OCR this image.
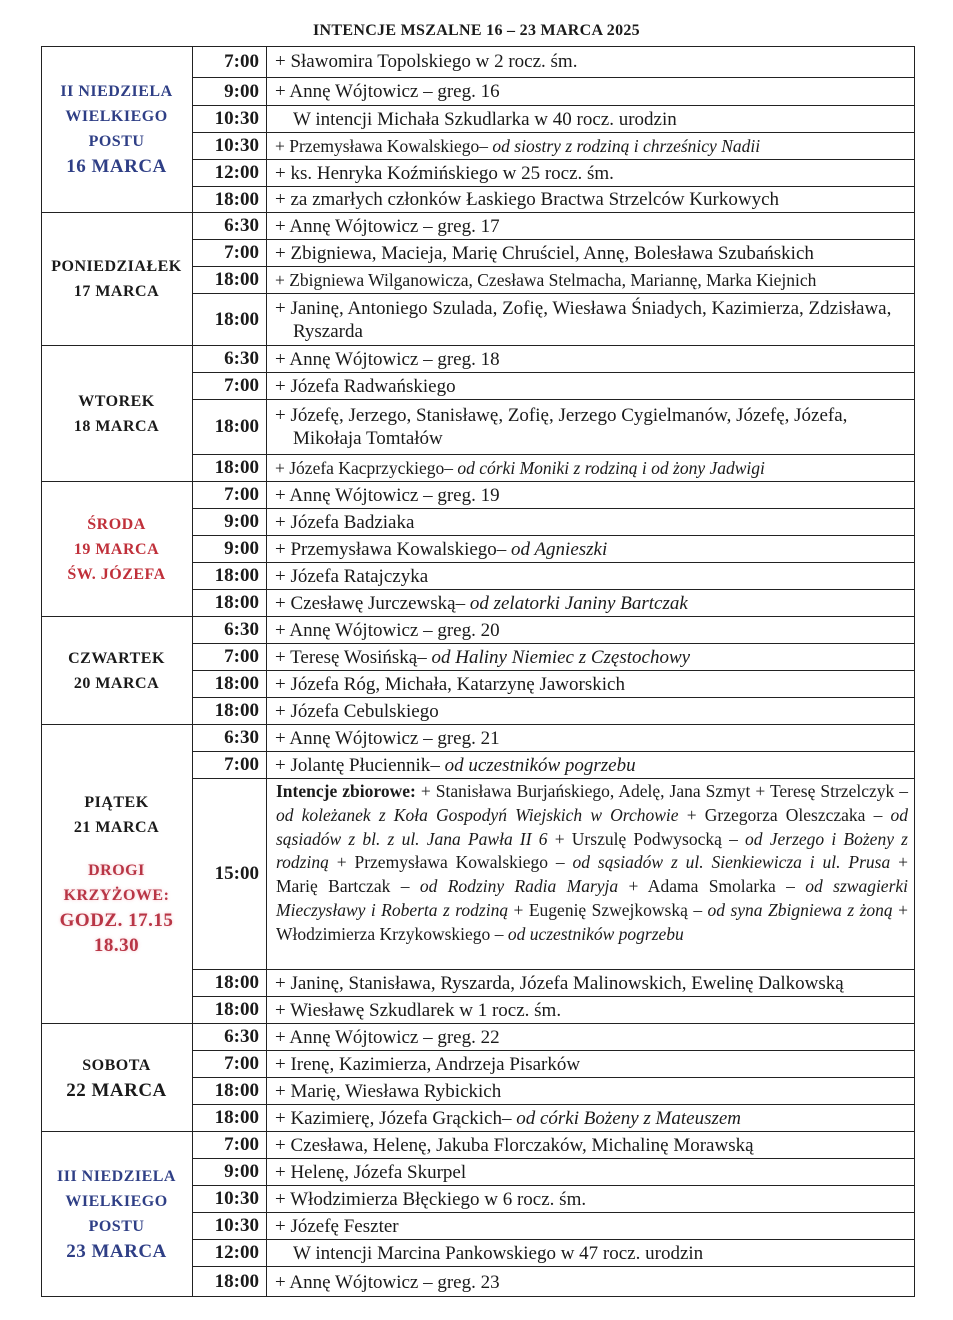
INTENCJE MSZALNE 16 – 23 MARCA 2025
II NIEDZIELA
WIELKIEGO
POSTU
16 MARCA
PONIEDZIAŁEK
17 MARCA
WTOREK
18 MARCA
ŚRODA
19 MARCA
ŚW. JÓZEFA
CZWARTEK
20 MARCA
PIĄTEK
21 MARCA
DROGI
KRZYŻOWE:
GODZ. 17.15
18.30
SOBOTA
22 MARCA
III NIEDZIELA
WIELKIEGO
POSTU
23 MARCA
7:00 + Sławomira Topolskiego w 2 rocz. śm.
9:00 + Annę Wójtowicz – greg. 16
10:30	W intencji Michała Szkudlarka w 40 rocz. urodzin
10:30 + Przemysława Kowalskiego – od siostry z rodziną i chrześnicy Nadii
12:00 + ks. Henryka Koźmińskiego w 25 rocz. śm.
18:00 + za zmarłych członków Łaskiego Bractwa Strzelców Kurkowych
6:30 + Annę Wójtowicz – greg. 17
7:00 + Zbigniewa, Macieja, Marię Chruściel, Annę, Bolesława Szubańskich
18:00 + Zbigniewa Wilganowicza, Czesława Stelmacha, Mariannę, Marka Kiejnich
18:00
+ Janinę, Antoniego Szulada, Zofię, Wiesława Śniadych, Kazimierza, Zdzisława, Ryszarda
6:30 + Annę Wójtowicz – greg. 18
7:00 + Józefa Radwańskiego
18:00
+ Józefę, Jerzego, Stanisławę, Zofię, Jerzego Cygielmanów, Józefę, Józefa, Mikołaja Tomtałów
18:00 + Józefa Kacprzyckiego – od córki Moniki z rodziną i od żony Jadwigi
7:00 + Annę Wójtowicz – greg. 19
9:00 + Józefa Badziaka
9:00 + Przemysława Kowalskiego – od Agnieszki
18:00 + Józefa Ratajczyka
18:00 + Czesławę Jurczewską – od zelatorki Janiny Bartczak
6:30 + Annę Wójtowicz – greg. 20
7:00 + Teresę Wosińską – od Haliny Niemiec z Częstochowy
18:00 + Józefa Róg, Michała, Katarzynę Jaworskich
18:00 + Józefa Cebulskiego
6:30 + Annę Wójtowicz – greg. 21
7:00 + Jolantę Płuciennik – od uczestników pogrzebu
15:00
18:00 + Janinę, Stanisława, Ryszarda, Józefa Malinowskich, Ewelinę Dalkowską
18:00 + Wiesławę Szkudlarek w 1 rocz. śm.
6:30 + Annę Wójtowicz – greg. 22
7:00 + Irenę, Kazimierza, Andrzeja Pisarków
18:00 + Marię, Wiesława Rybickich
18:00 + Kazimierę, Józefa Grąckich – od córki Bożeny z Mateuszem
7:00 + Czesława, Helenę, Jakuba Florczaków, Michalinę Morawską
9:00 + Helenę, Józefa Skurpel
10:30 + Włodzimierza Błęckiego w 6 rocz. śm.
10:30 + Józefę Feszter
12:00	W intencji Marcina Pankowskiego w 47 rocz. urodzin
18:00 + Annę Wójtowicz – greg. 23
Intencje zbiorowe: + Stanisława Burjańskiego, Adelę, Jana Szmyt + Teresę Strzelczyk – od koleżanek z Koła Gospodyń Wiejskich w Orchowie + Grzegorza Oleszczaka – od sąsiadów z bl. z ul. Jana Pawła II 6 + Urszulę Podwysocką – od Jerzego i Bożeny z rodziną + Przemysława Kowalskiego – od sąsiadów z ul. Sienkiewicza i ul. Prusa + Marię Bartczak – od Rodziny Radia Maryja + Adama Smolarka – od szwagierki Mieczysławy i Roberta z rodziną + Eugenię Szwejkowską – od syna Zbigniewa z żoną + Włodzimierza Krzykowskiego – od uczestników pogrzebu
